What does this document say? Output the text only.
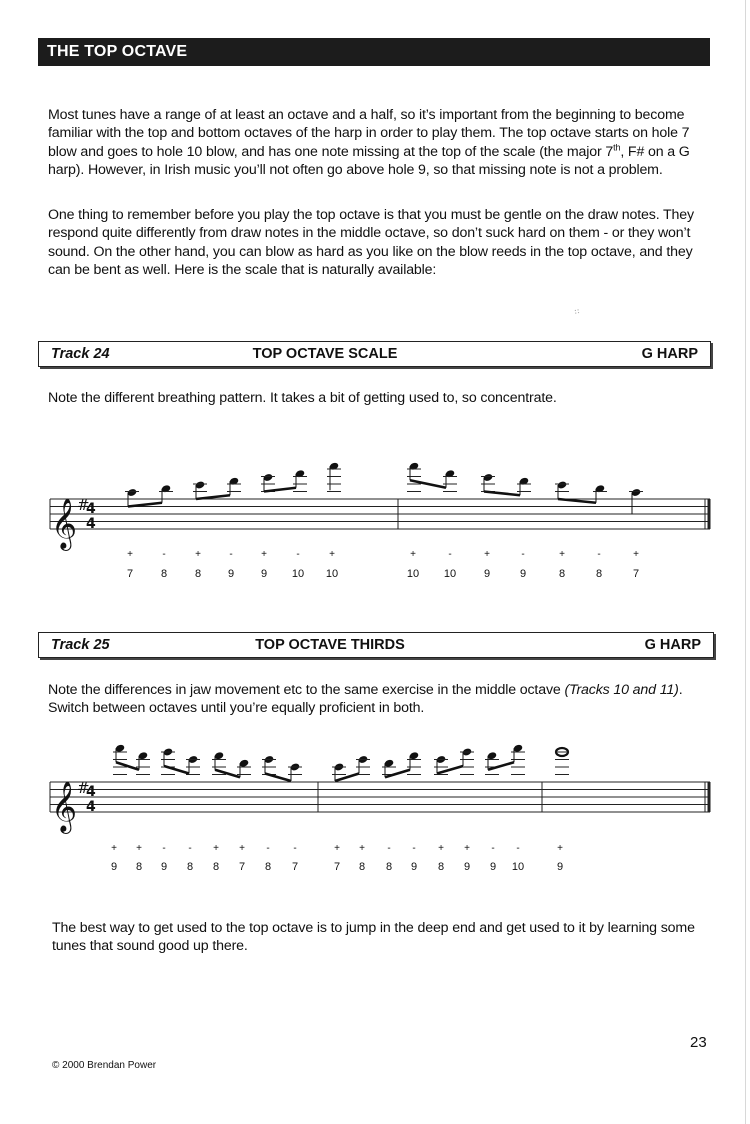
THE TOP OCTAVE

Most tunes have a range of at least an octave and a half, so it’s important from the beginning to become familiar with the top and bottom octaves of the harp in order to play them. The top octave starts on hole 7 blow and goes to hole 10 blow, and has one note missing at the top of the scale (the major 7th, F# on a G harp). However, in Irish music you’ll not often go above hole 9, so that missing note is not a problem.

One thing to remember before you play the top octave is that you must be gentle on the draw notes. They respond quite differently from draw notes in the middle octave, so don’t suck hard on them - or they won’t sound. On the other hand, you can blow as hard as you like on the blow reeds in the top octave, and they can be bent as well. Here is the scale that is naturally available:

⁘
Track 24	TOP OCTAVE SCALE	G HARP

Note the different breathing pattern. It takes a bit of getting used to, so concentrate.

𝄞 #
4
4
+	-	+	-	+	-	+	+	-	+	-	+	-	+
7	8	8 9 9 10 10	10 10	9	9	8	8	7
Track 25	TOP OCTAVE THIRDS	G HARP

Note the differences in jaw movement etc to the same exercise in the middle octave (Tracks 10 and 11).
Switch between octaves until you’re equally proficient in both.

𝄞 #
4
4
+ + - - + + - -	+ + - - + + - -	+
9 8 9 8 8 7 8 7	7 8 8 9 8 9 9 10	9

The best way to get used to the top octave is to jump in the deep end and get used to it by learning some tunes that sound good up there.

23
© 2000 Brendan Power
